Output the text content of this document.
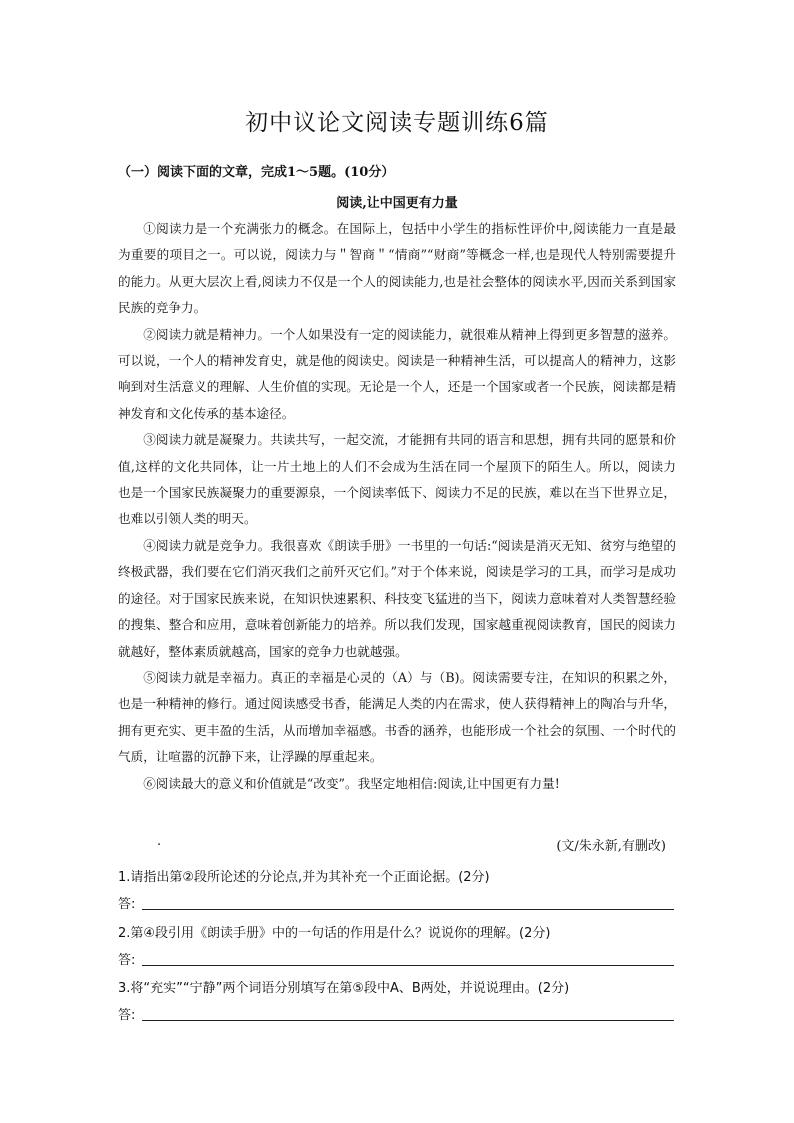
初中议论文阅读专题训练6篇
（一）阅读下面的文章，完成1～5题。(10分）
阅读,让中国更有力量

①阅读力是一个充满张力的概念。在国际上，包括中小学生的指标性评价中,阅读能力一直是最为重要的项目之一。可以说，阅读力与＂智商＂“情商”“财商”等概念一样,也是现代人特别需要提升的能力。从更大层次上看,阅读力不仅是一个人的阅读能力,也是社会整体的阅读水平,因而关系到国家民族的竞争力。

②阅读力就是精神力。一个人如果没有一定的阅读能力，就很难从精神上得到更多智慧的滋养。可以说，一个人的精神发育史，就是他的阅读史。阅读是一种精神生活，可以提高人的精神力，这影响到对生活意义的理解、人生价值的实现。无论是一个人，还是一个国家或者一个民族，阅读都是精神发育和文化传承的基本途径。

③阅读力就是凝聚力。共读共写，一起交流，才能拥有共同的语言和思想，拥有共同的愿景和价值,这样的文化共同体，让一片土地上的人们不会成为生活在同一个屋顶下的陌生人。所以，阅读力也是一个国家民族凝聚力的重要源泉，一个阅读率低下、阅读力不足的民族，难以在当下世界立足，也难以引领人类的明天。

④阅读力就是竞争力。我很喜欢《朗读手册》一书里的一句话:“阅读是消灭无知、贫穷与绝望的终极武器，我们要在它们消灭我们之前歼灭它们。”对于个体来说，阅读是学习的工具，而学习是成功的途径。对于国家民族来说，在知识快速累积、科技变飞猛进的当下，阅读力意味着对人类智慧经验的搜集、整合和应用，意味着创新能力的培养。所以我们发现，国家越重视阅读教育，国民的阅读力就越好，整体素质就越高，国家的竞争力也就越强。

⑤阅读力就是幸福力。真正的幸福是心灵的（A）与（B)。阅读需要专注，在知识的积累之外，也是一种精神的修行。通过阅读感受书香，能满足人类的内在需求，使人获得精神上的陶冶与升华，拥有更充实、更丰盈的生活，从而增加幸福感。书香的涵养，也能形成一个社会的氛围、一个时代的气质，让喧嚣的沉静下来，让浮躁的厚重起来。

⑥阅读最大的意义和价值就是“改变”。我坚定地相信:阅读,让中国更有力量!

.	(文/朱永新,有删改)
1.请指出第②段所论述的分论点,并为其补充一个正面论据。(2分)
答:
2.第④段引用《朗读手册》中的一句话的作用是什么？说说你的理解。(2分)
答:
3.将“充实”“宁静”两个词语分别填写在第⑤段中A、B两处，并说说理由。(2分)
答:
